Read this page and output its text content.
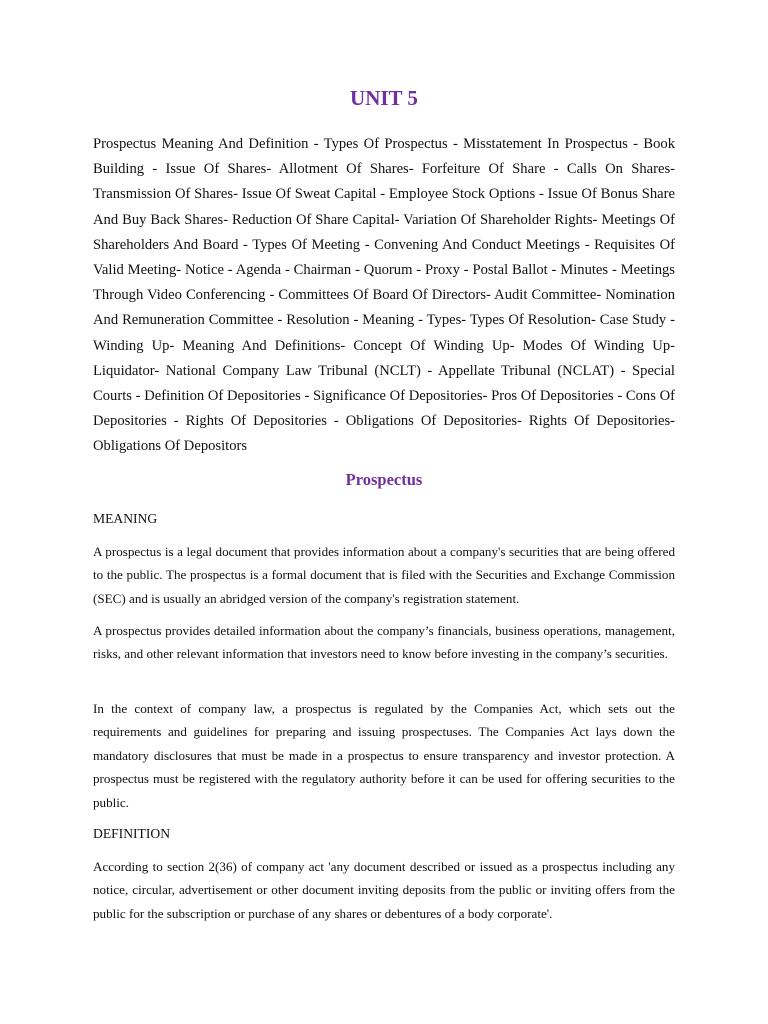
UNIT 5

Prospectus Meaning And Definition - Types Of Prospectus - Misstatement In Prospectus - Book Building - Issue Of Shares- Allotment Of Shares- Forfeiture Of Share - Calls On Shares- Transmission Of Shares- Issue Of Sweat Capital - Employee Stock Options - Issue Of Bonus Share And Buy Back Shares- Reduction Of Share Capital- Variation Of Shareholder Rights- Meetings Of Shareholders And Board - Types Of Meeting - Convening And Conduct Meetings - Requisites Of Valid Meeting- Notice - Agenda - Chairman - Quorum - Proxy - Postal Ballot - Minutes - Meetings Through Video Conferencing - Committees Of Board Of Directors- Audit Committee- Nomination And Remuneration Committee - Resolution - Meaning - Types- Types Of Resolution- Case Study - Winding Up- Meaning And Definitions- Concept Of Winding Up- Modes Of Winding Up- Liquidator- National Company Law Tribunal (NCLT) - Appellate Tribunal (NCLAT) - Special Courts - Definition Of Depositories - Significance Of Depositories- Pros Of Depositories - Cons Of Depositories - Rights Of Depositories - Obligations Of Depositories- Rights Of Depositories- Obligations Of Depositors

Prospectus

MEANING

A prospectus is a legal document that provides information about a company's securities that are being offered to the public. The prospectus is a formal document that is filed with the Securities and Exchange Commission (SEC) and is usually an abridged version of the company's registration statement.

A prospectus provides detailed information about the company’s financials, business operations, management, risks, and other relevant information that investors need to know before investing in the company’s securities.

In the context of company law, a prospectus is regulated by the Companies Act, which sets out the requirements and guidelines for preparing and issuing prospectuses. The Companies Act lays down the mandatory disclosures that must be made in a prospectus to ensure transparency and investor protection. A prospectus must be registered with the regulatory authority before it can be used for offering securities to the public.

DEFINITION

According to section 2(36) of company act 'any document described or issued as a prospectus including any notice, circular, advertisement or other document inviting deposits from the public or inviting offers from the public for the subscription or purchase of any shares or debentures of a body corporate'.
